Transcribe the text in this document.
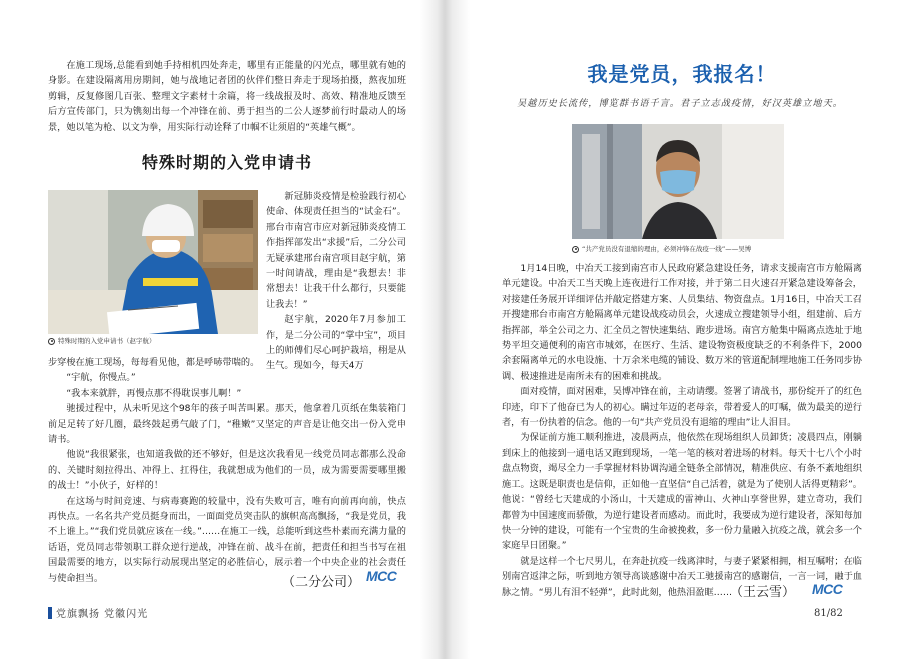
在施工现场,总能看到她手持相机四处奔走，哪里有正能量的闪光点，哪里就有她的身影。在建设隔离用房期间，她与战地记者团的伙伴们整日奔走于现场拍摄，熬夜加班剪辑，反复修图几百张、整理文字素材十余篇，将一线战报及时、高效、精准地反馈至后方宣传部门，只为镌刻出每一个冲锋在前、勇于担当的二公人逐梦前行时最动人的场景，她以笔为枪、以文为拳，用实际行动诠释了巾帼不让须眉的“英雄气概”。

特殊时期的入党申请书
特殊时期的入党申请书（赵宇航）

新冠肺炎疫情是检验践行初心使命、体现责任担当的“试金石”。邢台市南宫市应对新冠肺炎疫情工作指挥部发出“求援”后，二分公司无疑承建邢台南宫项目赵宇航，第一时间请战，理由是“我想去！非常想去！让我干什么都行，只要能让我去！”

赵宇航，2020年7月参加工作，是二分公司的“掌中宝”，项目上的师傅们尽心呵护栽培，栩是从生气。现如今，每天4万

步穿梭在施工现场，每每看见他，都是呼哧带喘的。

“宇航，你慢点。”

“我本来就胖，再慢点那不得耽误事儿啊！”

驰援过程中，从未听见这个98年的孩子叫苦叫累。那天，他拿着几页纸在集装箱门前足足转了好几圈，最终鼓起勇气敲了门，“稚嫩”又坚定的声音是让他交出一份入党申请书。

他说“我很紧张，也知道我做的还不够好，但是这次我看见一线党员同志都那么没命的、关键时刻拉得出、冲得上、扛得住，我就想成为他们的一员，成为需要需要哪里搬的战士！”小伙子，好样的！

在这场与时间竞速、与病毒赛跑的较量中，没有失败可言，唯有向前再向前，快点再快点。一名名共产党员挺身而出，一面面党员突击队的旗帜高高飘扬，“我是党员，我不上谁上。”“我们党员就应该在一线。”……在施工一线，总能听到这些朴素而充满力量的话语，党员同志带领职工群众逆行逆战，冲锋在前、战斗在前，把责任和担当书写在祖国最需要的地方，以实际行动展现出坚定的必胜信心，展示着一个中央企业的社会责任与使命担当。	（二分公司） MCC
党旗飘扬 党徽闪光
我是党员，我报名！
吴越历史长流传，博览群书语千言。君子立志战疫情，好汉英雄立地天。
“共产党员没有退缩的理由，必须冲锋在战疫一线”——吴博

1月14日晚，中冶天工接到南宫市人民政府紧急建设任务，请求支援南宫市方舱隔离单元建设。中冶天工当天晚上连夜进行工作对接，并于第二日火速召开紧急建设筹备会，对接建任务展开详细评估并敲定搭建方案、人员集结、物资盘点。1月16日，中冶天工召开搜建邢台市南宫方舱隔离单元建设战疫动员会，火速成立搜建领导小组，组建前、后方指挥部，举全公司之力、汇全员之智快速集结、跑步进场。南宫方舱集中隔离点选址于地势平坦交通便利的南宫市城郊，在医疗、生活、建设物资极度缺乏的不利条件下，2000余套隔离单元的水电设施、十万余米电缆的铺设、数万米的管道配制埋地施工任务同步协调、极速推进是南所未有的困难和挑战。

面对疫情，面对困难，吴博冲锋在前，主动请缨。签署了请战书，那份绽开了的红色印迹，印下了他奋已为人的初心。瞒过年迈的老母亲，带着爱人的叮嘱，做为最美的逆行者，有一份执着的信念。他的一句“共产党员没有退缩的理由”让人泪目。

为保证前方施工顺利推进，凌晨两点，他依然在现场组织人员卸货；凌晨四点，刚躺到床上的他接到一通电话又跑到现场，一笔一笔的核对着进场的材料。每天十七八个小时盘点物资，竭尽全力一手掌握材料协调沟通全链条全部情况，精准供应、有条不紊地组织施工。这既是职责也是信仰，正如他一直坚信“自己活着，就是为了使别人活得更精彩”。他说：“曾经七天建成的小汤山，十天建成的雷神山、火神山享誉世界，建立奇功，我们都曾为中国速度而骄傲，为逆行建设者而感动。而此时，我要成为逆行建设者，深知每加快一分钟的建设，可能有一个宝贵的生命被挽救，多一份力量融入抗疫之战，就会多一个家庭早日团聚。”

就是这样一个七尺男儿，在奔赴抗疫一线离津时，与妻子紧紧相拥，相互嘱咐；在临别南宫返津之际，听到地方领导高谈感谢中冶天工驰援南宫的感谢信，一言一词，融于血脉之情。“男儿有泪不轻弹”，此时此刻，他热泪盈眶……

（王云雪） MCC
81/82
